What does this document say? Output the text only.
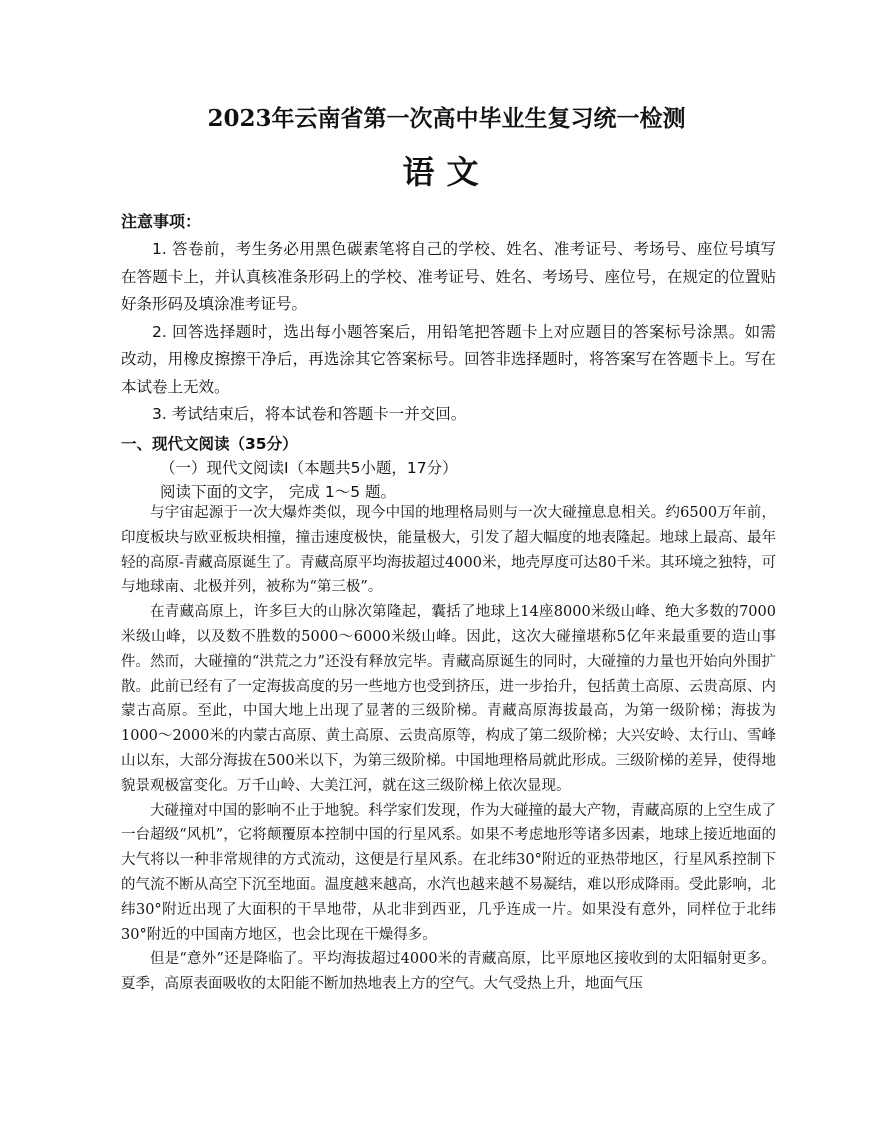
2023年云南省第一次高中毕业生复习统一检测
语文
注意事项：

1. 答卷前，考生务必用黑色碳素笔将自己的学校、姓名、准考证号、考场号、座位号填写在答题卡上，并认真核准条形码上的学校、准考证号、姓名、考场号、座位号，在规定的位置贴好条形码及填涂准考证号。

2. 回答选择题时，选出每小题答案后，用铅笔把答题卡上对应题目的答案标号涂黑。如需改动，用橡皮擦擦干净后，再选涂其它答案标号。回答非选择题时，将答案写在答题卡上。写在本试卷上无效。

3. 考试结束后，将本试卷和答题卡一并交回。

一、现代文阅读（35分）
（一）现代文阅读Ⅰ（本题共5小题，17分）
阅读下面的文字， 完成 1～5 题。

与宇宙起源于一次大爆炸类似，现今中国的地理格局则与一次大碰撞息息相关。约6500万年前，印度板块与欧亚板块相撞，撞击速度极快，能量极大，引发了超大幅度的地表隆起。地球上最高、最年轻的高原-青藏高原诞生了。青藏高原平均海拔超过4000米，地壳厚度可达80千米。其环境之独特，可与地球南、北极并列，被称为“第三极”。

在青藏高原上，许多巨大的山脉次第隆起，囊括了地球上14座8000米级山峰、绝大多数的7000米级山峰，以及数不胜数的5000～6000米级山峰。因此，这次大碰撞堪称5亿年来最重要的造山事件。然而，大碰撞的“洪荒之力”还没有释放完毕。青藏高原诞生的同时，大碰撞的力量也开始向外围扩散。此前已经有了一定海拔高度的另一些地方也受到挤压，进一步抬升，包括黄土高原、云贵高原、内蒙古高原。至此，中国大地上出现了显著的三级阶梯。青藏高原海拔最高，为第一级阶梯；海拔为1000～2000米的内蒙古高原、黄土高原、云贵高原等，构成了第二级阶梯；大兴安岭、太行山、雪峰山以东，大部分海拔在500米以下，为第三级阶梯。中国地理格局就此形成。三级阶梯的差异，使得地貌景观极富变化。万千山岭、大美江河，就在这三级阶梯上依次显现。

大碰撞对中国的影响不止于地貌。科学家们发现，作为大碰撞的最大产物，青藏高原的上空生成了一台超级“风机”，它将颠覆原本控制中国的行星风系。如果不考虑地形等诸多因素，地球上接近地面的大气将以一种非常规律的方式流动，这便是行星风系。在北纬30°附近的亚热带地区，行星风系控制下的气流不断从高空下沉至地面。温度越来越高，水汽也越来越不易凝结，难以形成降雨。受此影响，北纬30°附近出现了大面积的干旱地带，从北非到西亚，几乎连成一片。如果没有意外，同样位于北纬30°附近的中国南方地区，也会比现在干燥得多。

但是“意外”还是降临了。平均海拔超过4000米的青藏高原，比平原地区接收到的太阳辐射更多。夏季，高原表面吸收的太阳能不断加热地表上方的空气。大气受热上升，地面气压
